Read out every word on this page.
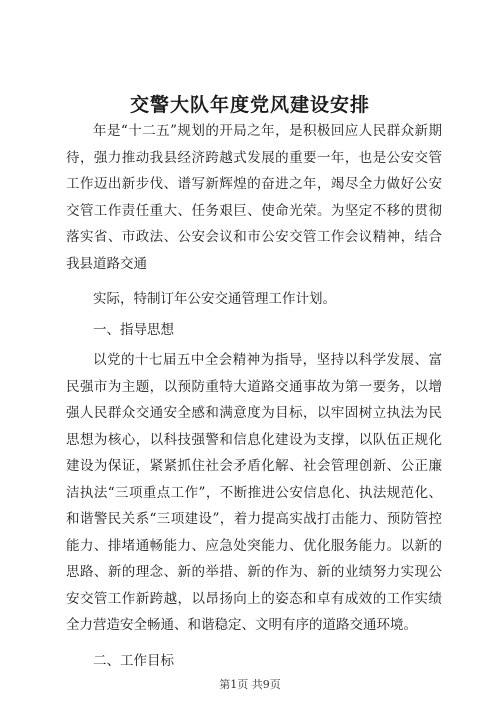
交警大队年度党风建设安排

年是“十二五”规划的开局之年，是积极回应人民群众新期待，强力推动我县经济跨越式发展的重要一年，也是公安交管工作迈出新步伐、谱写新辉煌的奋进之年，竭尽全力做好公安交管工作责任重大、任务艰巨、使命光荣。为坚定不移的贯彻落实省、市政法、公安会议和市公安交管工作会议精神，结合我县道路交通

实际，特制订年公安交通管理工作计划。

一、指导思想

以党的十七届五中全会精神为指导，坚持以科学发展、富民强市为主题，以预防重特大道路交通事故为第一要务，以增强人民群众交通安全感和满意度为目标，以牢固树立执法为民思想为核心，以科技强警和信息化建设为支撑，以队伍正规化建设为保证，紧紧抓住社会矛盾化解、社会管理创新、公正廉洁执法“三项重点工作”，不断推进公安信息化、执法规范化、和谐警民关系“三项建设”，着力提高实战打击能力、预防管控能力、排堵通畅能力、应急处突能力、优化服务能力。以新的思路、新的理念、新的举措、新的作为、新的业绩努力实现公安交管工作新跨越，以昂扬向上的姿态和卓有成效的工作实绩全力营造安全畅通、和谐稳定、文明有序的道路交通环境。

二、工作目标

第1页 共9页
